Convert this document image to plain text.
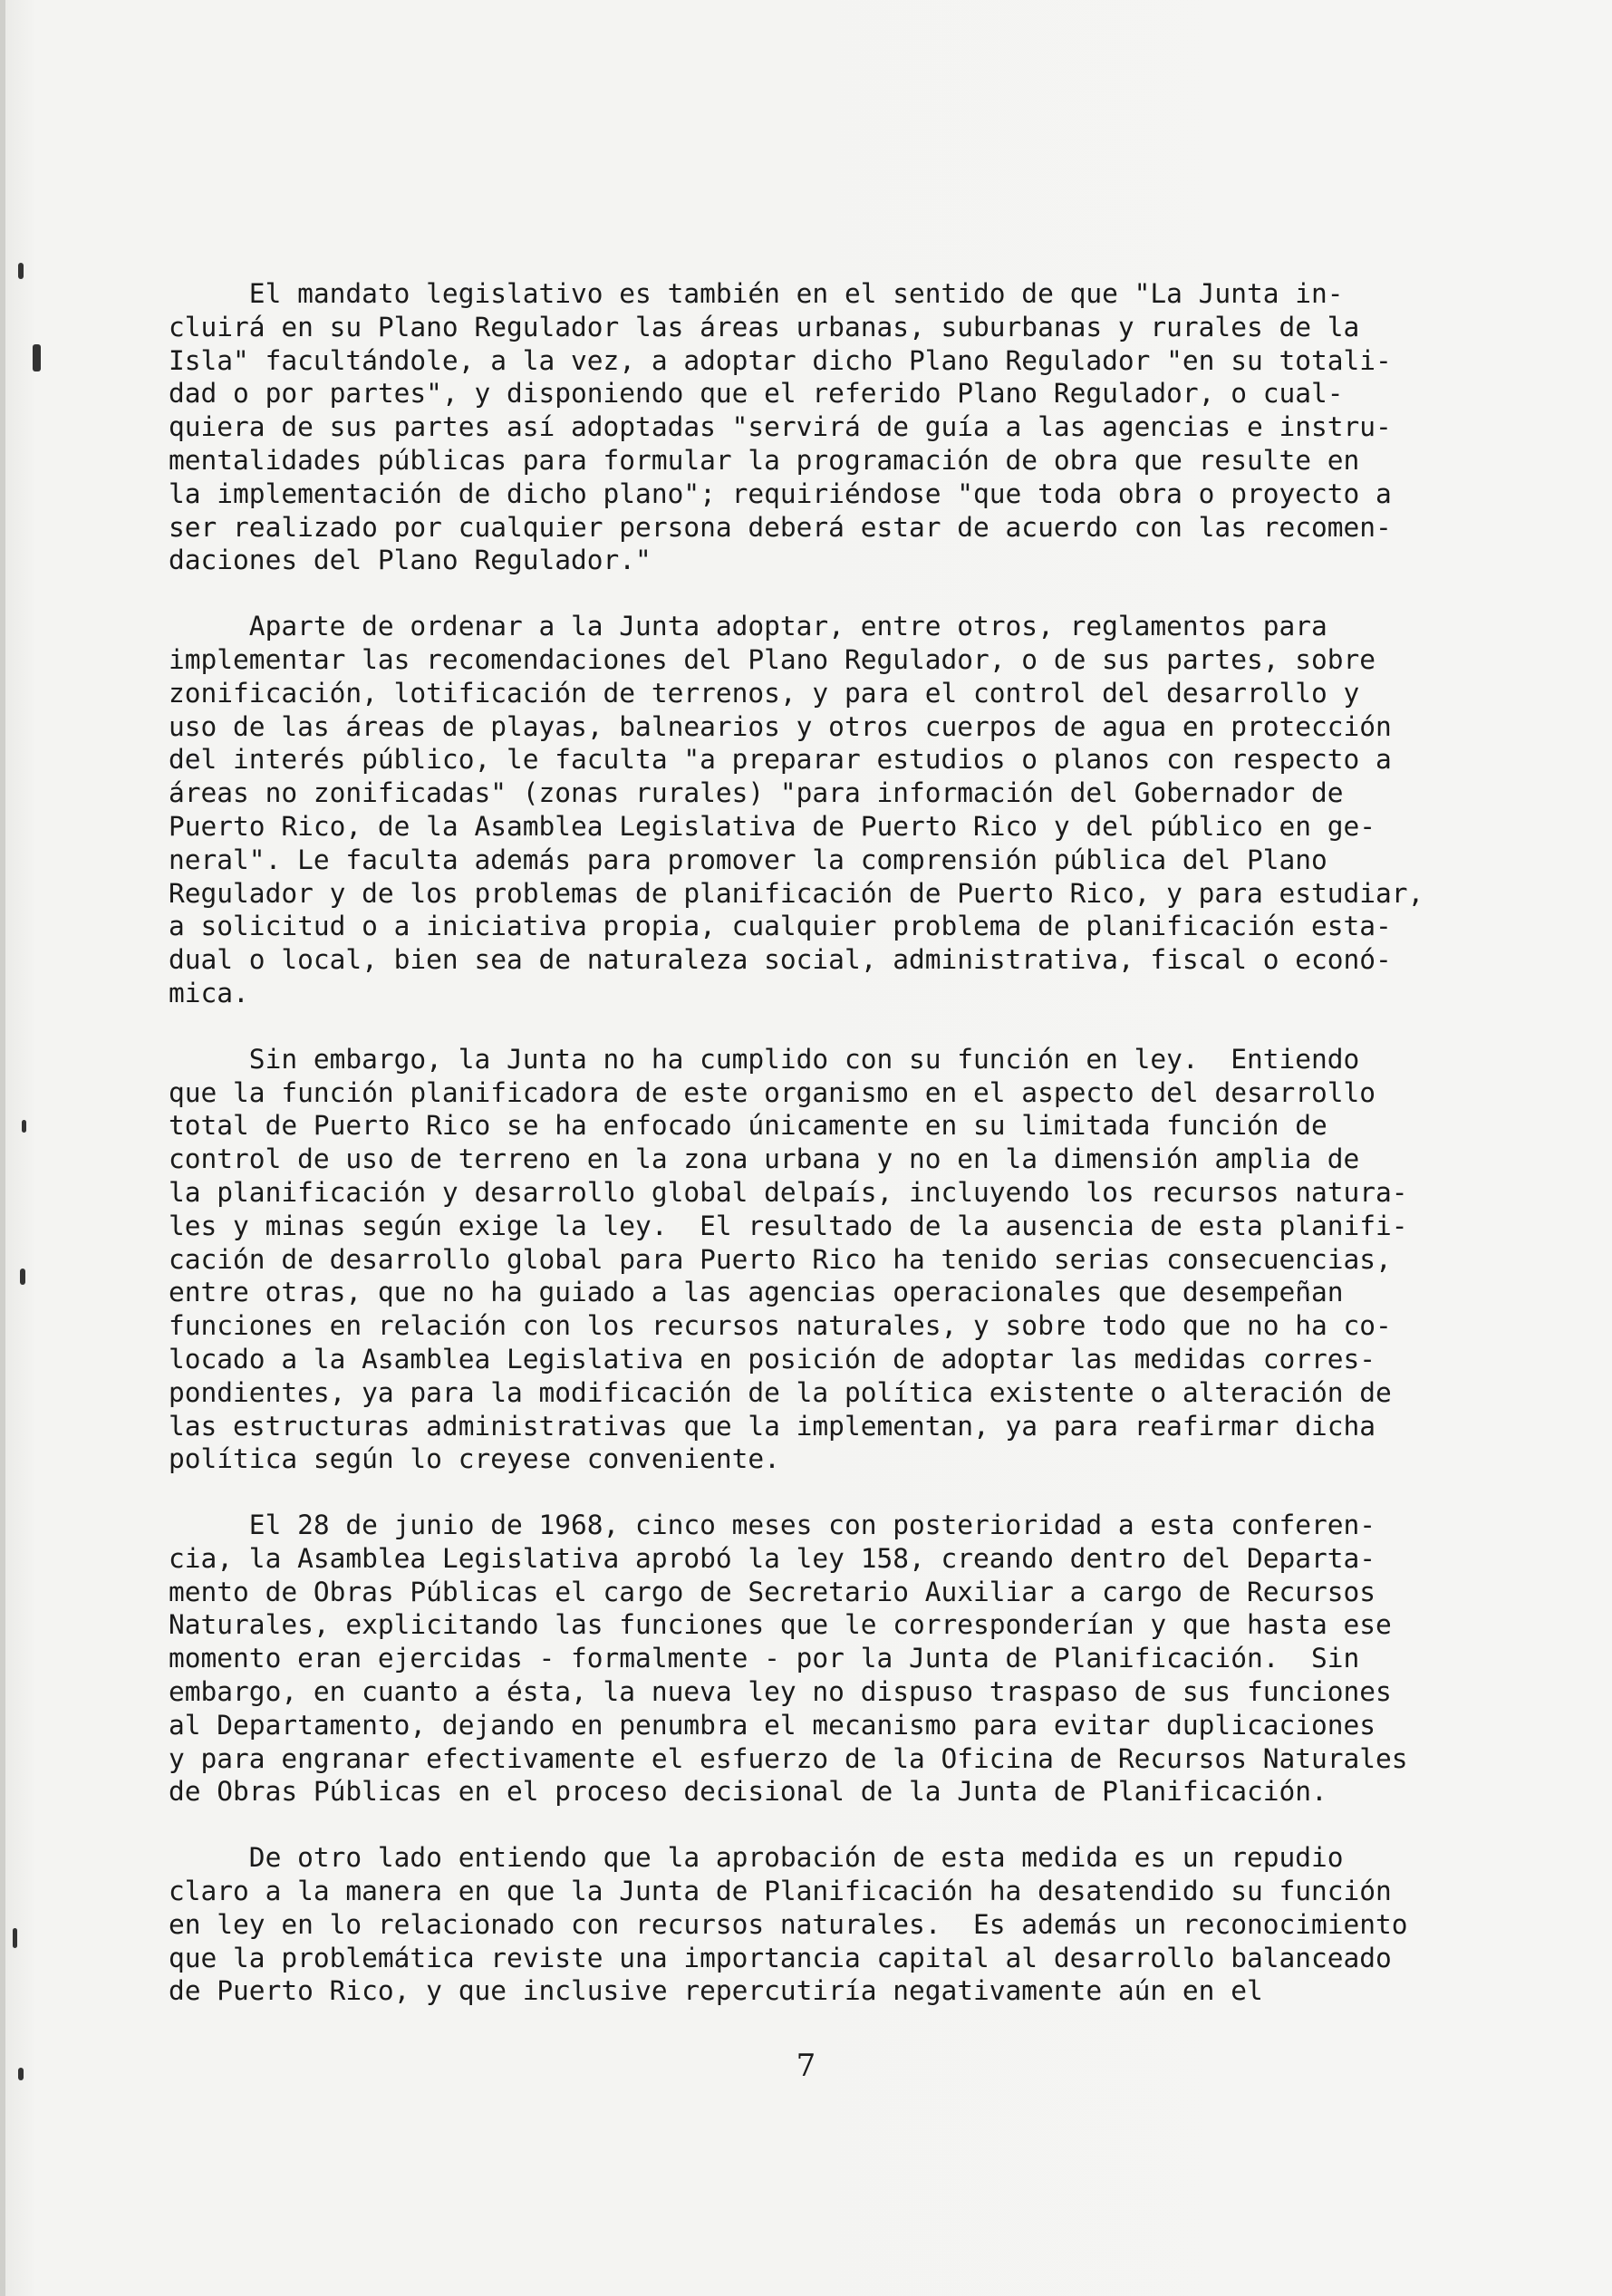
El mandato legislativo es también en el sentido de que "La Junta in-
cluirá en su Plano Regulador las áreas urbanas, suburbanas y rurales de la
Isla" facultándole, a la vez, a adoptar dicho Plano Regulador "en su totali-
dad o por partes", y disponiendo que el referido Plano Regulador, o cual-
quiera de sus partes así adoptadas "servirá de guía a las agencias e instru-
mentalidades públicas para formular la programación de obra que resulte en
la implementación de dicho plano"; requiriéndose "que toda obra o proyecto a
ser realizado por cualquier persona deberá estar de acuerdo con las recomen-
daciones del Plano Regulador."
Aparte de ordenar a la Junta adoptar, entre otros, reglamentos para
implementar las recomendaciones del Plano Regulador, o de sus partes, sobre
zonificación, lotificación de terrenos, y para el control del desarrollo y
uso de las áreas de playas, balnearios y otros cuerpos de agua en protección
del interés público, le faculta "a preparar estudios o planos con respecto a
áreas no zonificadas" (zonas rurales) "para información del Gobernador de
Puerto Rico, de la Asamblea Legislativa de Puerto Rico y del público en ge-
neral". Le faculta además para promover la comprensión pública del Plano
Regulador y de los problemas de planificación de Puerto Rico, y para estudiar,
a solicitud o a iniciativa propia, cualquier problema de planificación esta-
dual o local, bien sea de naturaleza social, administrativa, fiscal o econó-
mica.
Sin embargo, la Junta no ha cumplido con su función en ley.  Entiendo
que la función planificadora de este organismo en el aspecto del desarrollo
total de Puerto Rico se ha enfocado únicamente en su limitada función de
control de uso de terreno en la zona urbana y no en la dimensión amplia de
la planificación y desarrollo global delpaís, incluyendo los recursos natura-
les y minas según exige la ley.  El resultado de la ausencia de esta planifi-
cación de desarrollo global para Puerto Rico ha tenido serias consecuencias,
entre otras, que no ha guiado a las agencias operacionales que desempeñan
funciones en relación con los recursos naturales, y sobre todo que no ha co-
locado a la Asamblea Legislativa en posición de adoptar las medidas corres-
pondientes, ya para la modificación de la política existente o alteración de
las estructuras administrativas que la implementan, ya para reafirmar dicha
política según lo creyese conveniente.
El 28 de junio de 1968, cinco meses con posterioridad a esta conferen-
cia, la Asamblea Legislativa aprobó la ley 158, creando dentro del Departa-
mento de Obras Públicas el cargo de Secretario Auxiliar a cargo de Recursos
Naturales, explicitando las funciones que le corresponderían y que hasta ese
momento eran ejercidas - formalmente - por la Junta de Planificación.  Sin
embargo, en cuanto a ésta, la nueva ley no dispuso traspaso de sus funciones
al Departamento, dejando en penumbra el mecanismo para evitar duplicaciones
y para engranar efectivamente el esfuerzo de la Oficina de Recursos Naturales
de Obras Públicas en el proceso decisional de la Junta de Planificación.
De otro lado entiendo que la aprobación de esta medida es un repudio
claro a la manera en que la Junta de Planificación ha desatendido su función
en ley en lo relacionado con recursos naturales.  Es además un reconocimiento
que la problemática reviste una importancia capital al desarrollo balanceado
de Puerto Rico, y que inclusive repercutiría negativamente aún en el
7
